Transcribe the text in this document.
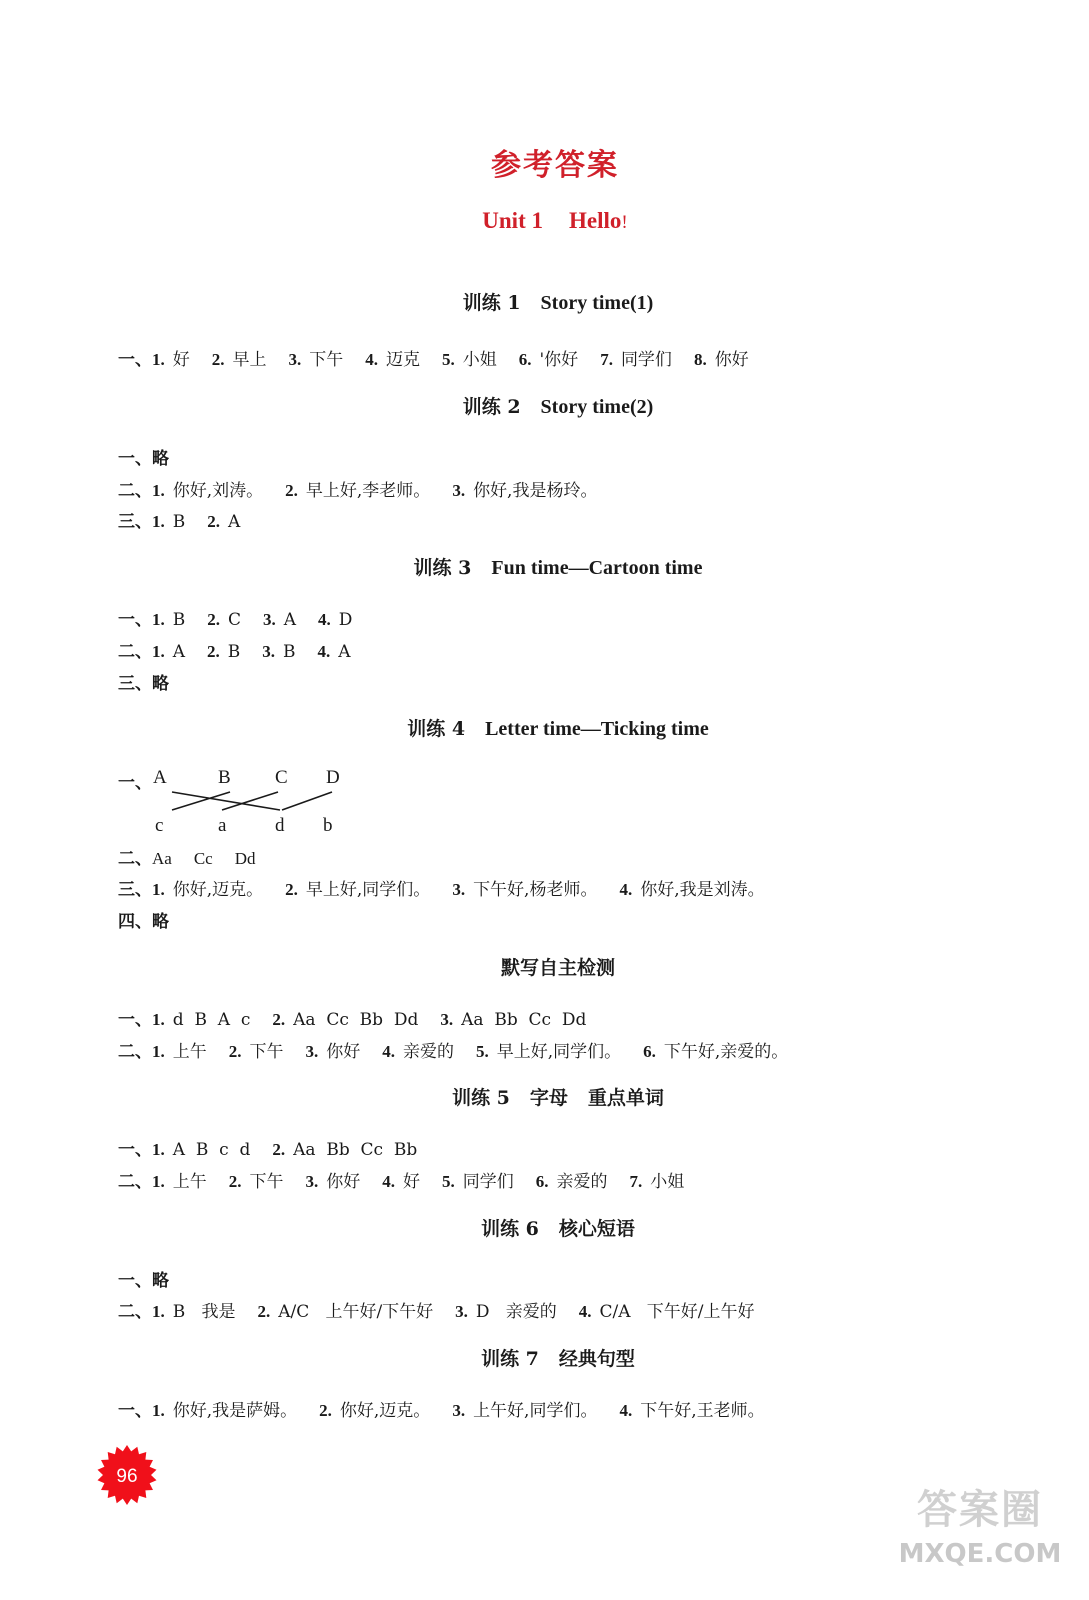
参考答案
Unit 1 Hello!
训练 1 Story time(1)
训练 2 Story time(2)
训练 3 Fun time—Cartoon time
训练 4 Letter time—Ticking time
默写自主检测
训练 5 字母 重点单词
训练 6 核心短语
训练 7 经典句型
一、1. 好 2. 早上 3. 下午 4. 迈克 5. 小姐 6. '你好 7. 同学们 8. 你好
一、略
二、1. 你好,刘涛。 2. 早上好,李老师。 3. 你好,我是杨玲。
三、1. B 2. A
一、1. B 2. C 3. A 4. D
二、1. A 2. B 3. B 4. A
三、略
一、 A	B C D
c	a	d b
二、Aa Cc Dd
三、1. 你好,迈克。 2. 早上好,同学们。 3. 下午好,杨老师。 4. 你好,我是刘涛。
四、略
一、1. d  B  A  c 2. Aa  Cc  Bb  Dd 3. Aa  Bb  Cc  Dd
二、1. 上午 2. 下午 3. 你好 4. 亲爱的 5. 早上好,同学们。 6. 下午好,亲爱的。
一、1. A  B  c  d 2. Aa  Bb  Cc  Bb
二、1. 上午 2. 下午 3. 你好 4. 好 5. 同学们 6. 亲爱的 7. 小姐
一、略
二、1. B   我是 2. A/C   上午好/下午好 3. D   亲爱的 4. C/A   下午好/上午好
一、1. 你好,我是萨姆。 2. 你好,迈克。 3. 上午好,同学们。 4. 下午好,王老师。
96
答案圈
MXQE.COM
